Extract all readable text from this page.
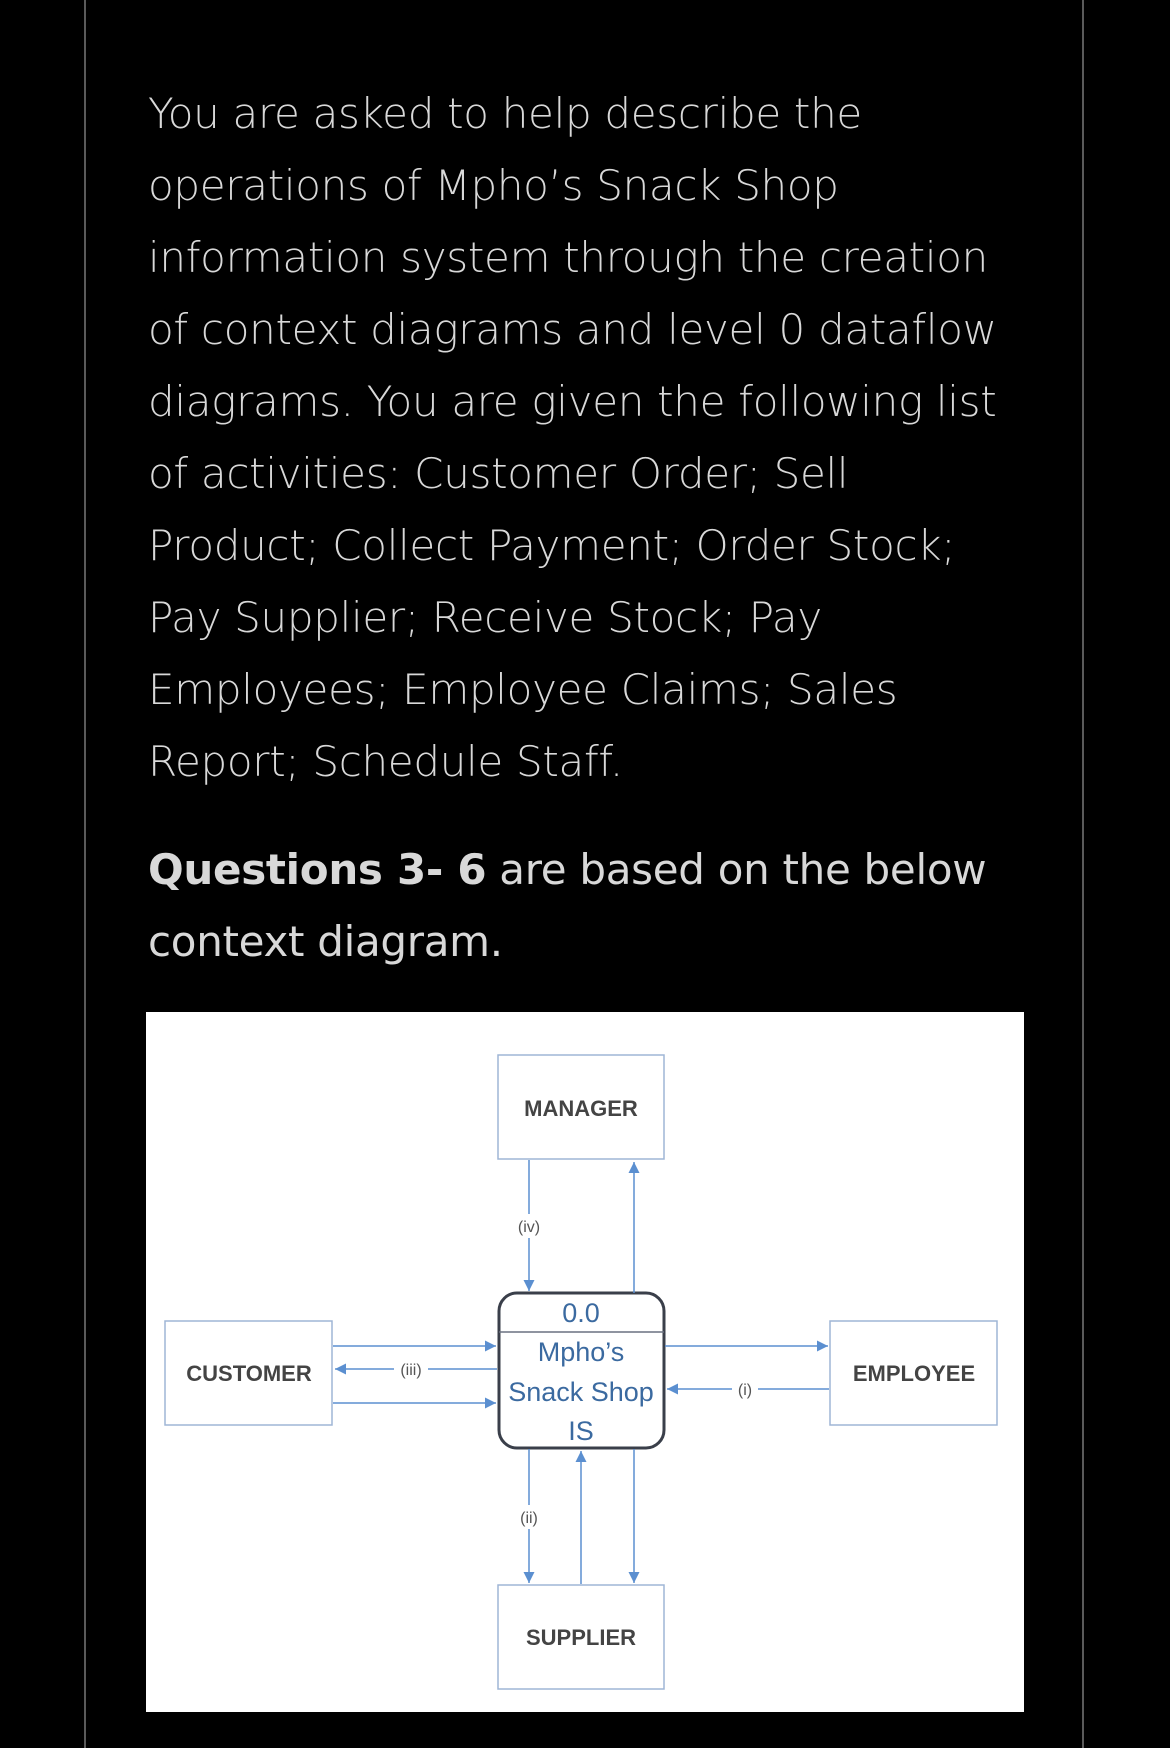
You are asked to help describe the operations of Mpho’s Snack Shop information system through the creation of context diagrams and level 0 dataflow diagrams. You are given the following list of activities: Customer Order; Sell Product; Collect Payment; Order Stock; Pay Supplier; Receive Stock; Pay Employees; Employee Claims; Sales Report; Schedule Staff.

Questions 3- 6 are based on the below context diagram.

MANAGER
CUSTOMER	EMPLOYEE
SUPPLIER
0.0
Mpho’s
Snack Shop
IS
(iv)
(iii)
(i)
(ii)
